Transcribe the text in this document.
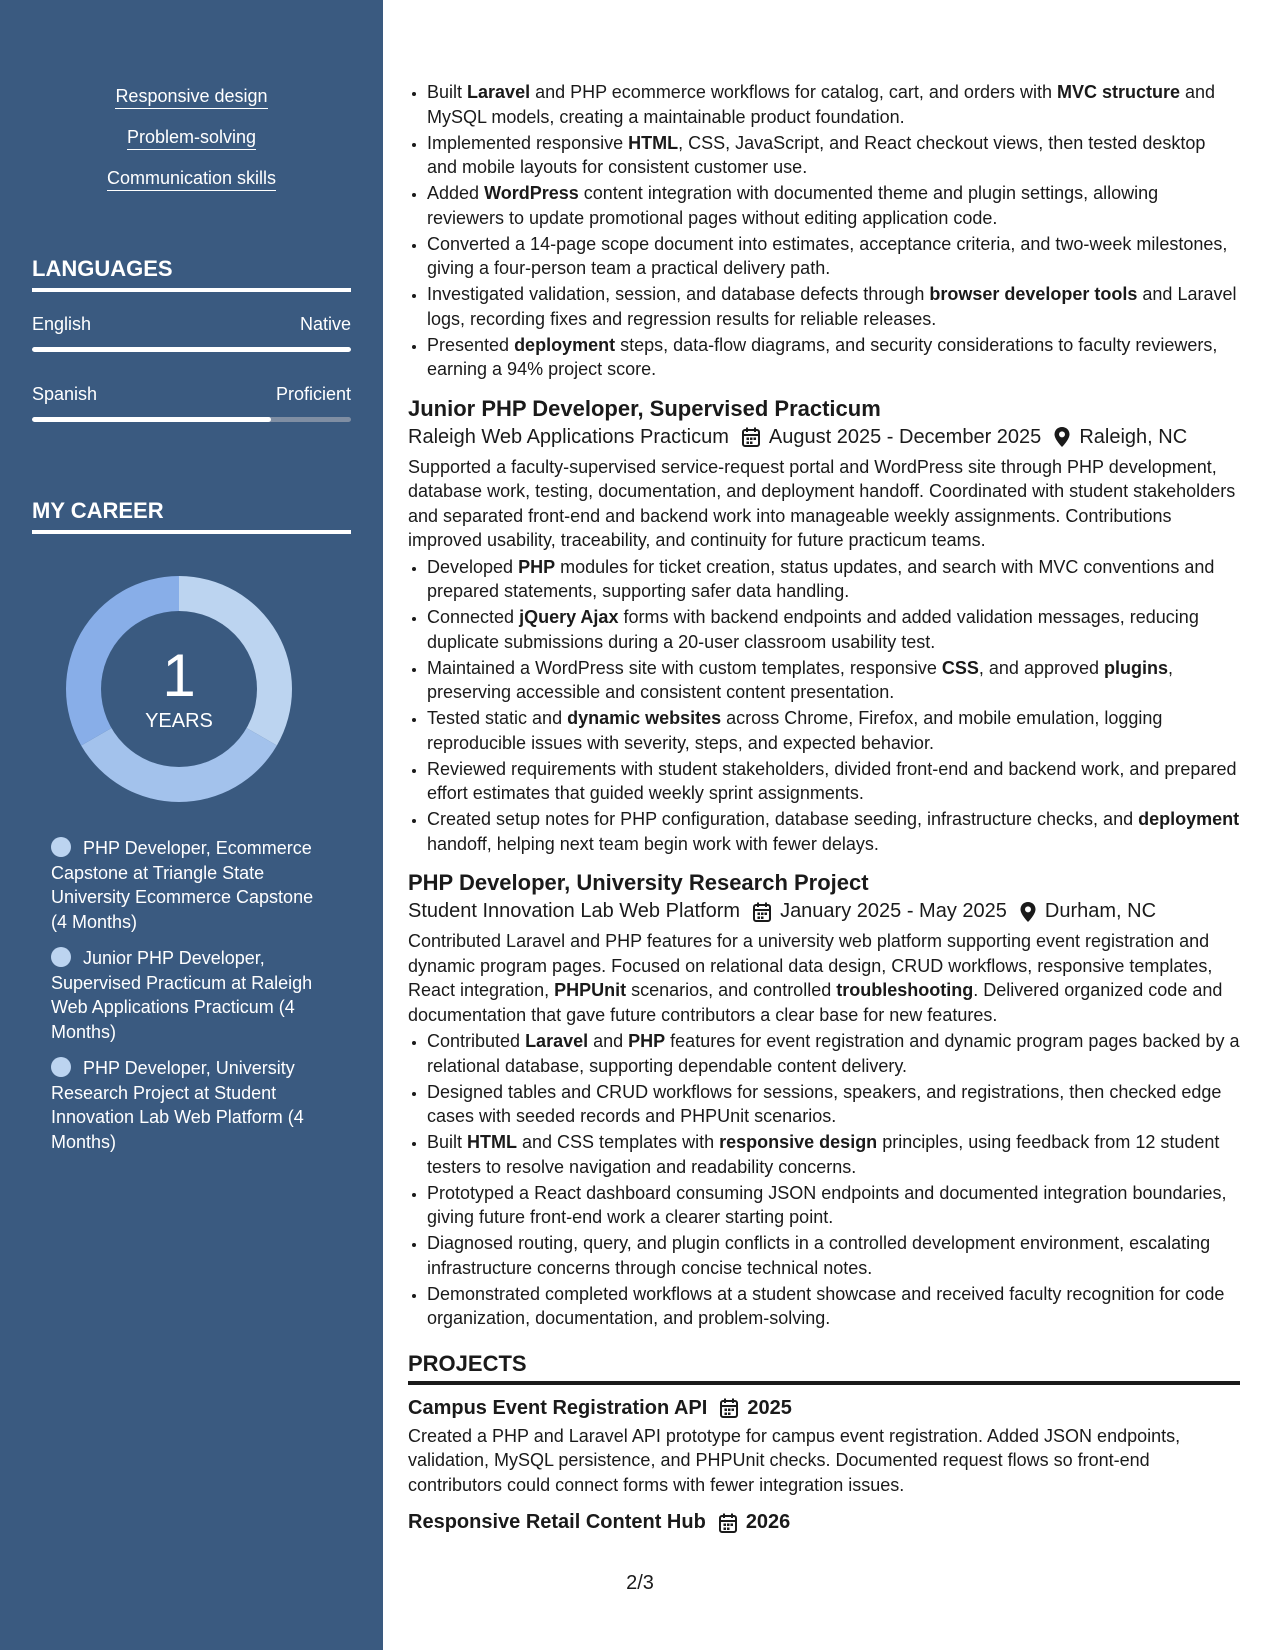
Responsive design
Problem-solving
Communication skills
LANGUAGES
English	Native
Spanish	Proficient
MY CAREER
1
YEARS
PHP Developer, Ecommerce Capstone at Triangle State University Ecommerce Capstone (4 Months)
Junior PHP Developer, Supervised Practicum at Raleigh Web Applications Practicum (4 Months)
PHP Developer, University Research Project at Student Innovation Lab Web Platform (4 Months)
• Built Laravel and PHP ecommerce workflows for catalog, cart, and orders with MVC structure and MySQL models, creating a maintainable product foundation.
• Implemented responsive HTML, CSS, JavaScript, and React checkout views, then tested desktop and mobile layouts for consistent customer use.
• Added WordPress content integration with documented theme and plugin settings, allowing reviewers to update promotional pages without editing application code.
• Converted a 14-page scope document into estimates, acceptance criteria, and two-week milestones, giving a four-person team a practical delivery path.
• Investigated validation, session, and database defects through browser developer tools and Laravel logs, recording fixes and regression results for reliable releases.
• Presented deployment steps, data-flow diagrams, and security considerations to faculty reviewers, earning a 94% project score.
Junior PHP Developer, Supervised Practicum
Raleigh Web Applications Practicum August 2025 - December 2025 Raleigh, NC

Supported a faculty-supervised service-request portal and WordPress site through PHP development, database work, testing, documentation, and deployment handoff. Coordinated with student stakeholders and separated front-end and backend work into manageable weekly assignments. Contributions improved usability, traceability, and continuity for future practicum teams.

• Developed PHP modules for ticket creation, status updates, and search with MVC conventions and prepared statements, supporting safer data handling.
• Connected jQuery Ajax forms with backend endpoints and added validation messages, reducing duplicate submissions during a 20-user classroom usability test.
• Maintained a WordPress site with custom templates, responsive CSS, and approved plugins, preserving accessible and consistent content presentation.
• Tested static and dynamic websites across Chrome, Firefox, and mobile emulation, logging reproducible issues with severity, steps, and expected behavior.
• Reviewed requirements with student stakeholders, divided front-end and backend work, and prepared effort estimates that guided weekly sprint assignments.
• Created setup notes for PHP configuration, database seeding, infrastructure checks, and deployment handoff, helping next team begin work with fewer delays.
PHP Developer, University Research Project
Student Innovation Lab Web Platform January 2025 - May 2025 Durham, NC

Contributed Laravel and PHP features for a university web platform supporting event registration and dynamic program pages. Focused on relational data design, CRUD workflows, responsive templates, React integration, PHPUnit scenarios, and controlled troubleshooting. Delivered organized code and documentation that gave future contributors a clear base for new features.

• Contributed Laravel and PHP features for event registration and dynamic program pages backed by a relational database, supporting dependable content delivery.
• Designed tables and CRUD workflows for sessions, speakers, and registrations, then checked edge cases with seeded records and PHPUnit scenarios.
• Built HTML and CSS templates with responsive design principles, using feedback from 12 student testers to resolve navigation and readability concerns.
• Prototyped a React dashboard consuming JSON endpoints and documented integration boundaries, giving future front-end work a clearer starting point.
• Diagnosed routing, query, and plugin conflicts in a controlled development environment, escalating infrastructure concerns through concise technical notes.
• Demonstrated completed workflows at a student showcase and received faculty recognition for code organization, documentation, and problem-solving.
PROJECTS
Campus Event Registration API 2025

Created a PHP and Laravel API prototype for campus event registration. Added JSON endpoints, validation, MySQL persistence, and PHPUnit checks. Documented request flows so front-end contributors could connect forms with fewer integration issues.

Responsive Retail Content Hub 2026
2/3
